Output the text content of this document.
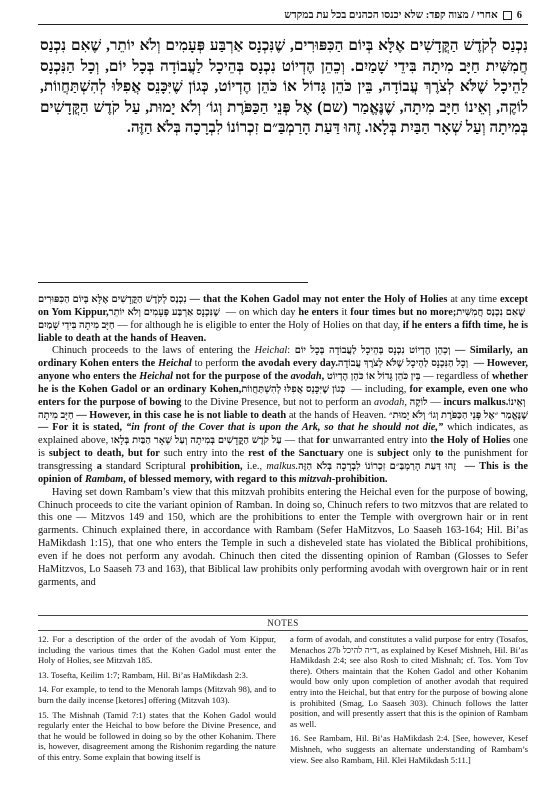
6
אחרי / מצוה קפד: שלא יכנסו הכהנים בכל עת במקדש

נִכְנַס לְקֹדֶשׁ הַקֳּדָשִׁים אֶלָּא בְּיוֹם הַכִּפּוּרִים, שֶׁנִּכְנָס אַרְבַּע פְּעָמִים וְלֹא יוֹתֵר, שֶׁאִם נִכְנַס חֲמִשִּׁית חַיָּב מִיתָה בִּידֵי שָׁמַיִם. וְכֵהֵן הֶדְיוֹט נִכְנָס בְּהֵיכָל לַעֲבוֹדָה בְּכָל יוֹם, וְכָל הַנִּכְנָס לַהֵיכָל שֶׁלֹּא לְצֹרֶךְ עֲבוֹדָה, בֵּין כֹּהֵן גָּדוֹל אוֹ כֹּהֵן הֶדְיוֹט, כְּגוֹן שֶׁיִּכָּנֵס אֲפִלּוּ לְהִשְׁתַּחֲווֹת, לוֹקֶה, וְאֵינוֹ חַיָּב מִיתָה, שֶׁנֶּאֱמַר (שם) אֶל פְּנֵי הַכַּפֹּרֶת וְגוֹ׳ וְלֹא יָמוּת, עַל קֹדֶשׁ הַקֳּדָשִׁים בְּמִיתָה וְעַל שְׁאָר הַבַּיִת בְּלָאו. זֶהוּ דַּעַת הָרַמְבַּ״ם זִכְרוֹנוֹ לִבְרָכָה בְּלֹא הַזֶּה.

נִכְנַס לְקֹדֶשׁ הַקֳּדָשִׁים אֶלָּא בְּיוֹם הַכִּפּוּרִים — that the Kohen Gadol may not enter the Holy of Holies at any time except on Yom Kippur, שֶׁנִּכְנָס אַרְבַּע פְּעָמִים וְלֹא יוֹתֵר — on which day he enters it four times but no more; שֶׁאִם נִכְנַס חֲמִשִּׁית חַיָּב מִיתָה בִּידֵי שָׁמַיִם — for although he is eligible to enter the Holy of Holies on that day, if he enters a fifth time, he is liable to death at the hands of Heaven.

Chinuch proceeds to the laws of entering the Heichal: וְכֵהֵן הֶדְיוֹט נִכְנָס בְּהֵיכָל לַעֲבוֹדָה בְּכָל יוֹם — Similarly, an ordinary Kohen enters the Heichal to perform the avodah every day. וְכָל הַנִּכְנָס לַהֵיכָל שֶׁלֹּא לְצֹרֶךְ עֲבוֹדָה — However, anyone who enters the Heichal not for the purpose of the avodah, בֵּין כֹּהֵן גָּדוֹל אוֹ כֹּהֵן הֶדְיוֹט — regardless of whether he is the Kohen Gadol or an ordinary Kohen, כְּגוֹן שֶׁיִּכָּנֵס אֲפִלּוּ לְהִשְׁתַּחֲווֹת — including, for example, even one who enters for the purpose of bowing to the Divine Presence, but not to perform an avodah, לוֹקֶה — incurs malkus. וְאֵינוֹ חַיָּב מִיתָה — However, in this case he is not liable to death at the hands of Heaven. שֶׁנֶּאֱמַר ״אֶל פְּנֵי הַכַּפֹּרֶת וְגוֹ׳ וְלֹא יָמוּת״ — For it is stated, “in front of the Cover that is upon the Ark, so that he should not die,” which indicates, as explained above, עַל קֹדֶשׁ הַקֳּדָשִׁים בְּמִיתָה וְעַל שְׁאָר הַבַּיִת בְּלָאו — that for unwarranted entry into the Holy of Holies one is subject to death, but for such entry into the rest of the Sanctuary one is subject only to the punishment for transgressing a standard Scriptural prohibition, i.e., malkus. זֶהוּ דַּעַת הָרַמְבַּ״ם זִכְרוֹנוֹ לִבְרָכָה בְּלֹא הַזֶּה — This is the opinion of Rambam, of blessed memory, with regard to this mitzvah-prohibition.

Having set down Rambam’s view that this mitzvah prohibits entering the Heichal even for the purpose of bowing, Chinuch proceeds to cite the variant opinion of Ramban. In doing so, Chinuch refers to two mitzvos that are related to this one — Mitzvos 149 and 150, which are the prohibitions to enter the Temple with overgrown hair or in rent garments. Chinuch explained there, in accordance with Rambam (Sefer HaMitzvos, Lo Saaseh 163-164; Hil. Bi’as HaMikdash 1:15), that one who enters the Temple in such a disheveled state has violated the Biblical prohibitions, even if he does not perform any avodah. Chinuch then cited the dissenting opinion of Ramban (Glosses to Sefer HaMitzvos, Lo Saaseh 73 and 163), that Biblical law prohibits only performing avodah with overgrown hair or in rent garments, and

NOTES

12. For a description of the order of the avodah of Yom Kippur, including the various times that the Kohen Gadol must enter the Holy of Holies, see Mitzvah 185.

13. Tosefta, Keilim 1:7; Rambam, Hil. Bi’as HaMikdash 2:3.

14. For example, to tend to the Menorah lamps (Mitzvah 98), and to burn the daily incense [ketores] offering (Mitzvah 103).

15. The Mishnah (Tamid 7:1) states that the Kohen Gadol would regularly enter the Heichal to bow before the Divine Presence, and that he would be followed in doing so by the other Kohanim. There is, however, disagreement among the Rishonim regarding the nature of this entry. Some explain that bowing itself is

a form of avodah, and constitutes a valid purpose for entry (Tosafos, Menachos 27b ד״ה להיכל, as explained by Kesef Mishneh, Hil. Bi’as HaMikdash 2:4; see also Rosh to cited Mishnah; cf. Tos. Yom Tov there). Others maintain that the Kohen Gadol and other Kohanim would bow only upon completion of another avodah that required entry into the Heichal, but that entry for the purpose of bowing alone is prohibited (Smag, Lo Saaseh 303). Chinuch follows the latter position, and will presently assert that this is the opinion of Rambam as well.

16. See Rambam, Hil. Bi’as HaMikdash 2:4. [See, however, Kesef Mishneh, who suggests an alternate understanding of Rambam’s view. See also Rambam, Hil. Klei HaMikdash 5:11.]
